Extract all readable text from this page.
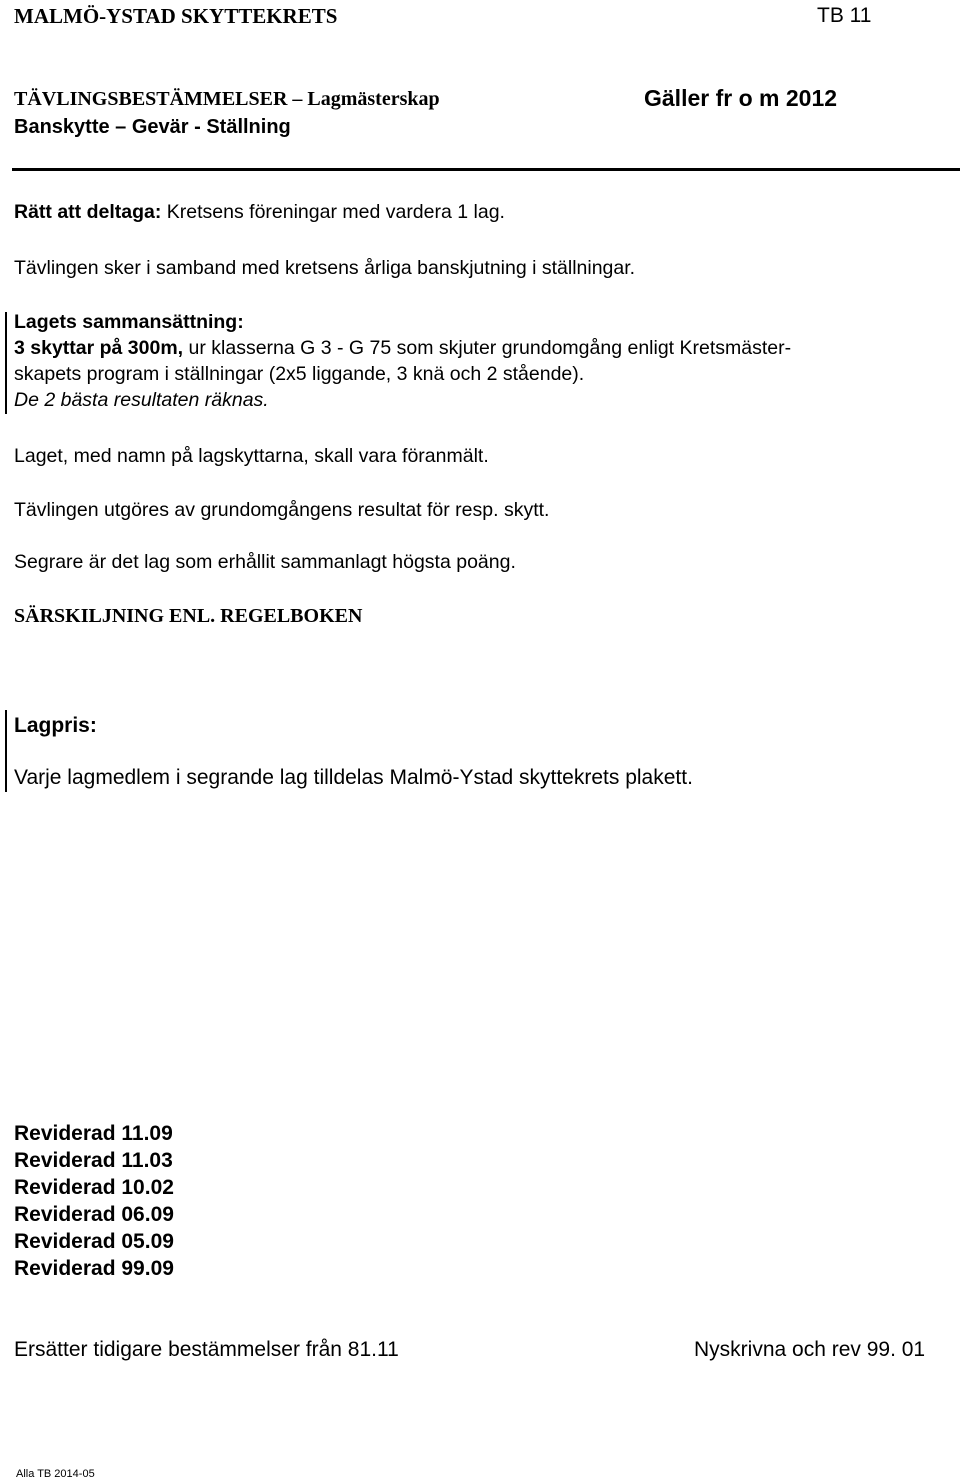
MALMÖ-YSTAD SKYTTEKRETS	TB 11
TÄVLINGSBESTÄMMELSER – Lagmästerskap	Gäller fr o m 2012
Banskytte – Gevär - Ställning
Rätt att deltaga: Kretsens föreningar med vardera 1 lag.
Tävlingen sker i samband med kretsens årliga banskjutning i ställningar.
Lagets sammansättning:
3 skyttar på 300m, ur klasserna G 3 - G 75 som skjuter grundomgång enligt Kretsmäster-
skapets program i ställningar (2x5 liggande, 3 knä och 2 stående).
De 2 bästa resultaten räknas.
Laget, med namn på lagskyttarna, skall vara föranmält.
Tävlingen utgöres av grundomgångens resultat för resp. skytt.
Segrare är det lag som erhållit sammanlagt högsta poäng.
SÄRSKILJNING ENL. REGELBOKEN
Lagpris:
Varje lagmedlem i segrande lag tilldelas Malmö-Ystad skyttekrets plakett.
Reviderad 11.09
Reviderad 11.03
Reviderad 10.02
Reviderad 06.09
Reviderad 05.09
Reviderad 99.09
Ersätter tidigare bestämmelser från 81.11	Nyskrivna och rev 99. 01
Alla TB 2014-05
